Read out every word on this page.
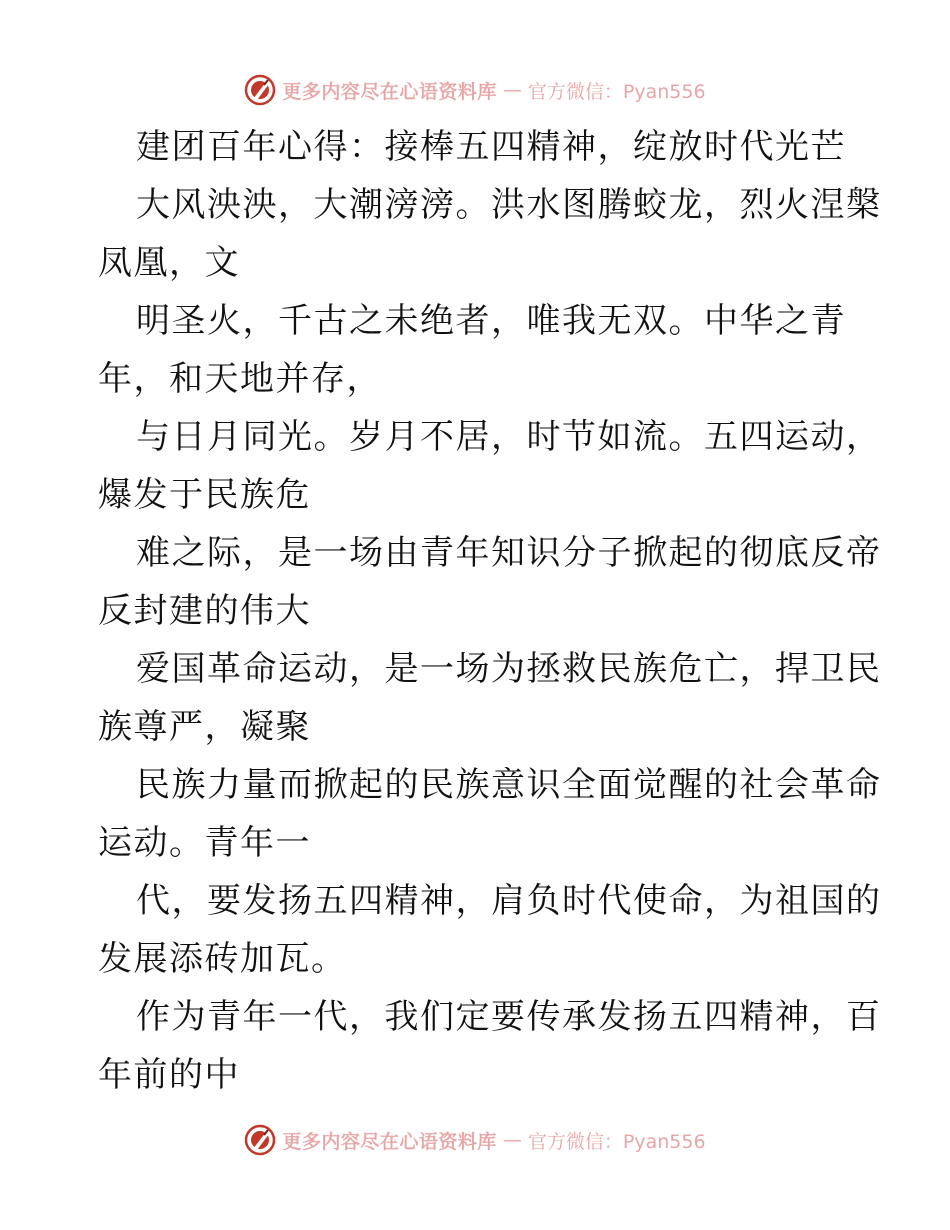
更多内容尽在心语资料库 — 官方微信：Pyan556
建团百年心得：接棒五四精神，绽放时代光芒
大风泱泱，大潮滂滂。洪水图腾蛟龙，烈火涅槃
凤凰，文
明圣火，千古之未绝者，唯我无双。中华之青
年，和天地并存，
与日月同光。岁月不居，时节如流。五四运动，
爆发于民族危
难之际，是一场由青年知识分子掀起的彻底反帝
反封建的伟大
爱国革命运动，是一场为拯救民族危亡，捍卫民
族尊严，凝聚
民族力量而掀起的民族意识全面觉醒的社会革命
运动。青年一
代，要发扬五四精神，肩负时代使命，为祖国的
发展添砖加瓦。
作为青年一代，我们定要传承发扬五四精神，百
年前的中
更多内容尽在心语资料库 — 官方微信：Pyan556
